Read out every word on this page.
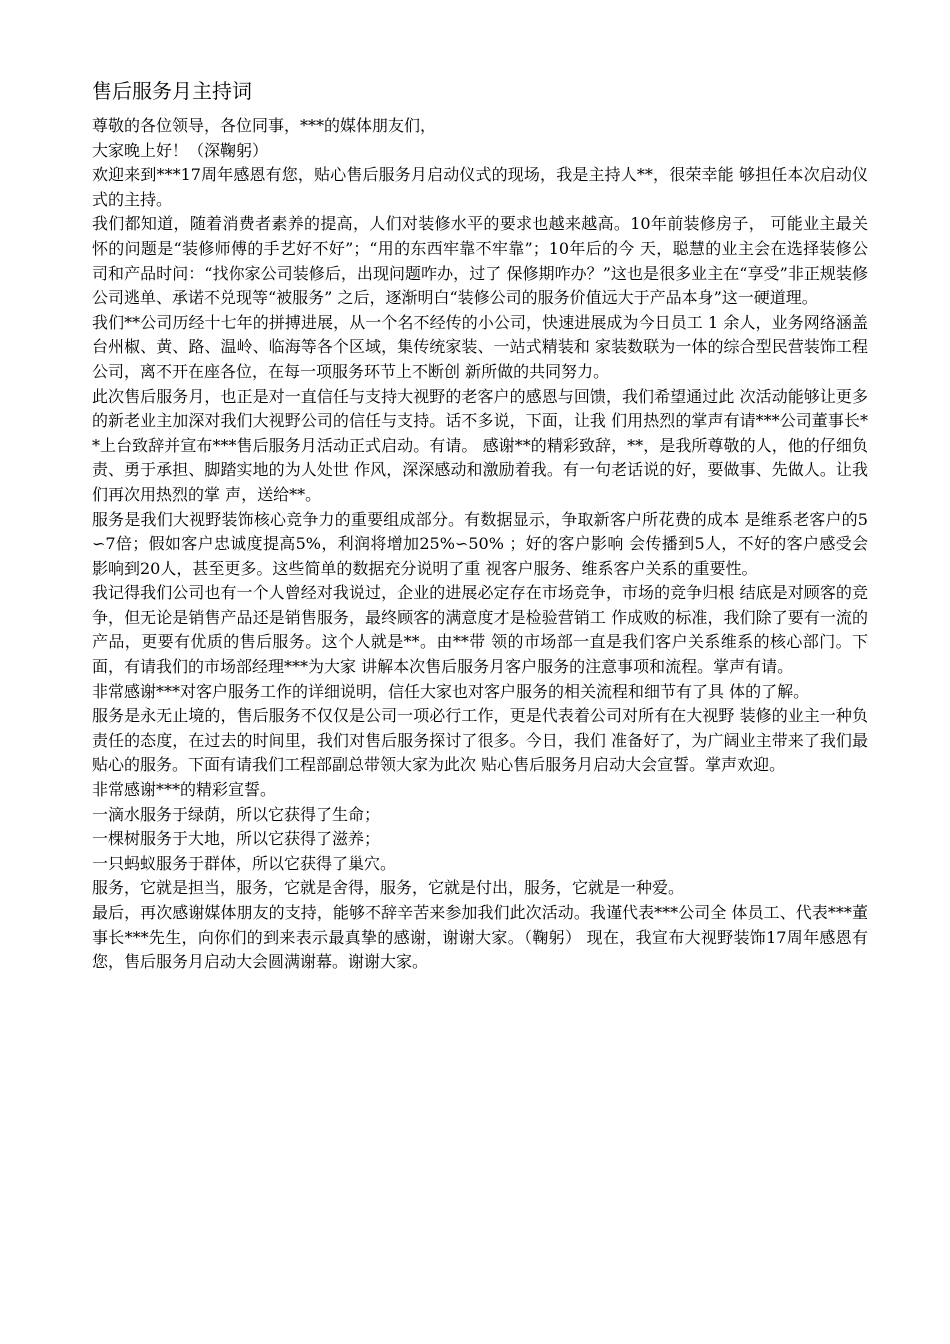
售后服务月主持词

尊敬的各位领导，各位同事，***的媒体朋友们，

大家晚上好！（深鞠躬）

欢迎来到***17周年感恩有您，贴心售后服务月启动仪式的现场，我是主持人**，很荣幸能 够担任本次启动仪式的主持。

我们都知道，随着消费者素养的提高，人们对装修水平的要求也越来越高。10年前装修房子， 可能业主最关怀的问题是“装修师傅的手艺好不好”；“用的东西牢靠不牢靠”；10年后的今 天，聪慧的业主会在选择装修公司和产品时问：“找你家公司装修后，出现问题咋办，过了 保修期咋办？”这也是很多业主在“享受”非正规装修公司逃单、承诺不兑现等“被服务” 之后，逐渐明白“装修公司的服务价值远大于产品本身”这一硬道理。

我们**公司历经十七年的拼搏进展，从一个名不经传的小公司，快速进展成为今日员工 1 余人，业务网络涵盖台州椒、黄、路、温岭、临海等各个区域，集传统家装、一站式精装和 家装数联为一体的综合型民营装饰工程公司，离不开在座各位，在每一项服务环节上不断创 新所做的共同努力。

此次售后服务月，也正是对一直信任与支持大视野的老客户的感恩与回馈，我们希望通过此 次活动能够让更多的新老业主加深对我们大视野公司的信任与支持。话不多说，下面，让我 们用热烈的掌声有请***公司董事长**上台致辞并宣布***售后服务月活动正式启动。有请。 感谢**的精彩致辞，**，是我所尊敬的人，他的仔细负责、勇于承担、脚踏实地的为人处世 作风，深深感动和激励着我。有一句老话说的好，要做事、先做人。让我们再次用热烈的掌 声，送给**。

服务是我们大视野装饰核心竞争力的重要组成部分。有数据显示，争取新客户所花费的成本 是维系老客户的5∽7倍；假如客户忠诚度提高5%，利润将增加25%∽50% ；好的客户影响 会传播到5人，不好的客户感受会影响到20人，甚至更多。这些简单的数据充分说明了重 视客户服务、维系客户关系的重要性。

我记得我们公司也有一个人曾经对我说过，企业的进展必定存在市场竞争，市场的竞争归根 结底是对顾客的竞争，但无论是销售产品还是销售服务，最终顾客的满意度才是检验营销工 作成败的标准，我们除了要有一流的产品，更要有优质的售后服务。这个人就是**。由**带 领的市场部一直是我们客户关系维系的核心部门。下面，有请我们的市场部经理***为大家 讲解本次售后服务月客户服务的注意事项和流程。掌声有请。

非常感谢***对客户服务工作的详细说明，信任大家也对客户服务的相关流程和细节有了具 体的了解。

服务是永无止境的，售后服务不仅仅是公司一项必行工作，更是代表着公司对所有在大视野 装修的业主一种负责任的态度，在过去的时间里，我们对售后服务探讨了很多。今日，我们 准备好了，为广阔业主带来了我们最贴心的服务。下面有请我们工程部副总带领大家为此次 贴心售后服务月启动大会宣誓。掌声欢迎。

非常感谢***的精彩宣誓。

一滴水服务于绿荫，所以它获得了生命；

一棵树服务于大地，所以它获得了滋养；

一只蚂蚁服务于群体，所以它获得了巢穴。

服务，它就是担当，服务，它就是舍得，服务，它就是付出，服务，它就是一种爱。

最后，再次感谢媒体朋友的支持，能够不辞辛苦来参加我们此次活动。我谨代表***公司全 体员工、代表***董事长***先生，向你们的到来表示最真挚的感谢，谢谢大家。（鞠躬） 现在，我宣布大视野装饰17周年感恩有您，售后服务月启动大会圆满谢幕。谢谢大家。
